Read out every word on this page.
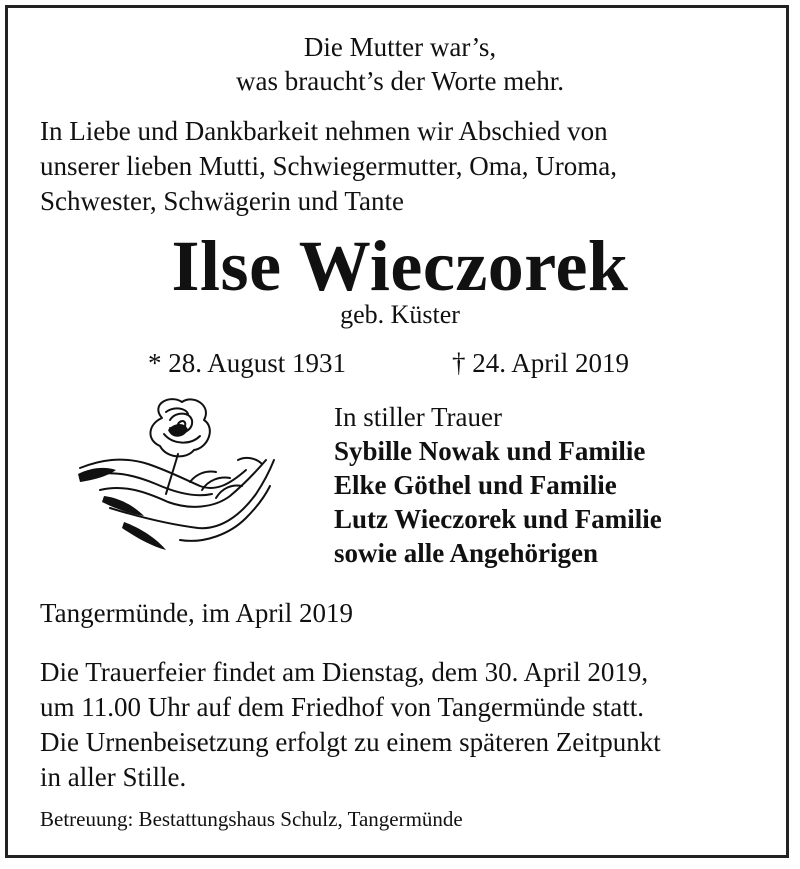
Die Mutter war’s,
was braucht’s der Worte mehr.
In Liebe und Dankbarkeit nehmen wir Abschied von
unserer lieben Mutti, Schwiegermutter, Oma, Uroma,
Schwester, Schwägerin und Tante
Ilse Wieczorek
geb. Küster
* 28. August 1931	† 24. April 2019
In stiller Trauer
Sybille Nowak und Familie
Elke Göthel und Familie
Lutz Wieczorek und Familie
sowie alle Angehörigen
Tangermünde, im April 2019
Die Trauerfeier findet am Dienstag, dem 30. April 2019,
um 11.00 Uhr auf dem Friedhof von Tangermünde statt.
Die Urnenbeisetzung erfolgt zu einem späteren Zeitpunkt
in aller Stille.
Betreuung: Bestattungshaus Schulz, Tangermünde
